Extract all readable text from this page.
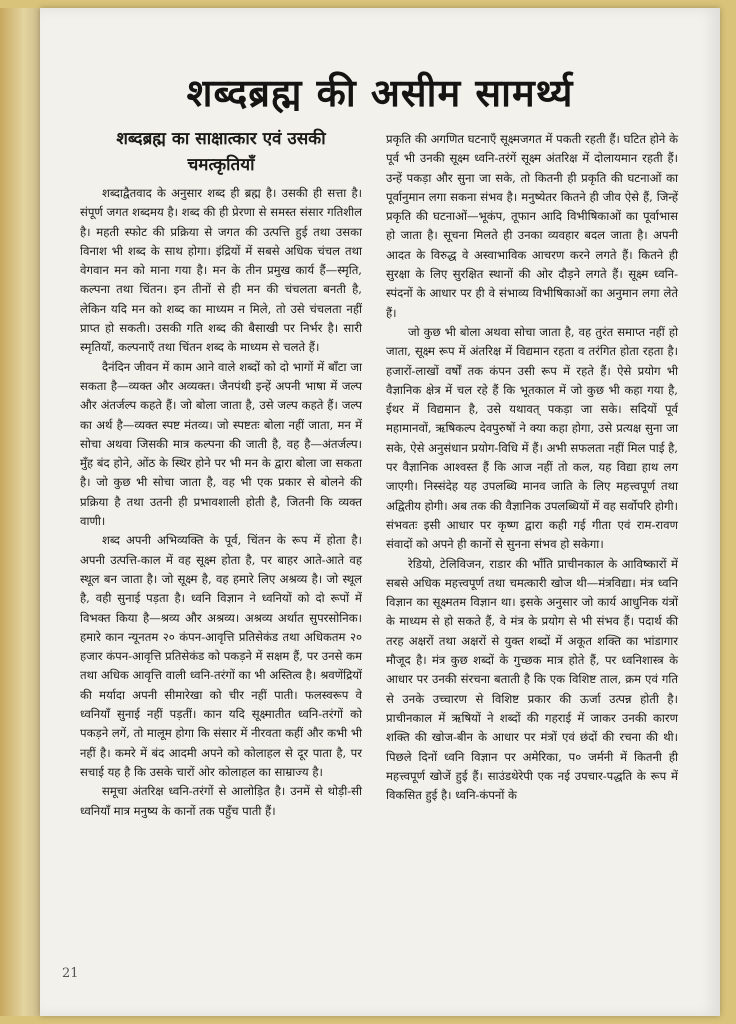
शब्दब्रह्म की असीम सामर्थ्य
शब्दब्रह्म का साक्षात्कार एवं उसकी चमत्कृतियाँ

शब्दाद्वैतवाद के अनुसार शब्द ही ब्रह्म है। उसकी ही सत्ता है। संपूर्ण जगत शब्दमय है। शब्द की ही प्रेरणा से समस्त संसार गतिशील है। महती स्फोट की प्रक्रिया से जगत की उत्पत्ति हुई तथा उसका विनाश भी शब्द के साथ होगा। इंद्रियों में सबसे अधिक चंचल तथा वेगवान मन को माना गया है। मन के तीन प्रमुख कार्य हैं—स्मृति, कल्पना तथा चिंतन। इन तीनों से ही मन की चंचलता बनती है, लेकिन यदि मन को शब्द का माध्यम न मिले, तो उसे चंचलता नहीं प्राप्त हो सकती। उसकी गति शब्द की बैसाखी पर निर्भर है। सारी स्मृतियाँ, कल्पनाएँ तथा चिंतन शब्द के माध्यम से चलते हैं।

दैनंदिन जीवन में काम आने वाले शब्दों को दो भागों में बाँटा जा सकता है—व्यक्त और अव्यक्त। जैनपंथी इन्हें अपनी भाषा में जल्प और अंतर्जल्प कहते हैं। जो बोला जाता है, उसे जल्प कहते हैं। जल्प का अर्थ है—व्यक्त स्पष्ट मंतव्य। जो स्पष्टतः बोला नहीं जाता, मन में सोचा अथवा जिसकी मात्र कल्पना की जाती है, वह है—अंतर्जल्प। मुँह बंद होने, ओंठ के स्थिर होने पर भी मन के द्वारा बोला जा सकता है। जो कुछ भी सोचा जाता है, वह भी एक प्रकार से बोलने की प्रक्रिया है तथा उतनी ही प्रभावशाली होती है, जितनी कि व्यक्त वाणी।

शब्द अपनी अभिव्यक्ति के पूर्व, चिंतन के रूप में होता है। अपनी उत्पत्ति-काल में वह सूक्ष्म होता है, पर बाहर आते-आते वह स्थूल बन जाता है। जो सूक्ष्म है, वह हमारे लिए अश्रव्य है। जो स्थूल है, वही सुनाई पड़ता है। ध्वनि विज्ञान ने ध्वनियों को दो रूपों में विभक्त किया है—श्रव्य और अश्रव्य। अश्रव्य अर्थात सुपरसोनिक। हमारे कान न्यूनतम २० कंपन-आवृत्ति प्रतिसेकंड तथा अधिकतम २० हजार कंपन-आवृत्ति प्रतिसेकंड को पकड़ने में सक्षम हैं, पर उनसे कम तथा अधिक आवृत्ति वाली ध्वनि-तरंगों का भी अस्तित्व है। श्रवणेंद्रियों की मर्यादा अपनी सीमारेखा को चीर नहीं पाती। फलस्वरूप वे ध्वनियाँ सुनाई नहीं पड़तीं। कान यदि सूक्ष्मातीत ध्वनि-तरंगों को पकड़ने लगें, तो मालूम होगा कि संसार में नीरवता कहीं और कभी भी नहीं है। कमरे में बंद आदमी अपने को कोलाहल से दूर पाता है, पर सचाई यह है कि उसके चारों ओर कोलाहल का साम्राज्य है।

समूचा अंतरिक्ष ध्वनि-तरंगों से आलोड़ित है। उनमें से थोड़ी-सी ध्वनियाँ मात्र मनुष्य के कानों तक पहुँच पाती हैं।

प्रकृति की अगणित घटनाएँ सूक्ष्मजगत में पकती रहती हैं। घटित होने के पूर्व भी उनकी सूक्ष्म ध्वनि-तरंगें सूक्ष्म अंतरिक्ष में दोलायमान रहती हैं। उन्हें पकड़ा और सुना जा सके, तो कितनी ही प्रकृति की घटनाओं का पूर्वानुमान लगा सकना संभव है। मनुष्येतर कितने ही जीव ऐसे हैं, जिन्हें प्रकृति की घटनाओं—भूकंप, तूफान आदि विभीषिकाओं का पूर्वाभास हो जाता है। सूचना मिलते ही उनका व्यवहार बदल जाता है। अपनी आदत के विरुद्ध वे अस्वाभाविक आचरण करने लगते हैं। कितने ही सुरक्षा के लिए सुरक्षित स्थानों की ओर दौड़ने लगते हैं। सूक्ष्म ध्वनि-स्पंदनों के आधार पर ही वे संभाव्य विभीषिकाओं का अनुमान लगा लेते हैं।

जो कुछ भी बोला अथवा सोचा जाता है, वह तुरंत समाप्त नहीं हो जाता, सूक्ष्म रूप में अंतरिक्ष में विद्यमान रहता व तरंगित होता रहता है। हजारों-लाखों वर्षों तक कंपन उसी रूप में रहते हैं। ऐसे प्रयोग भी वैज्ञानिक क्षेत्र में चल रहे हैं कि भूतकाल में जो कुछ भी कहा गया है, ईथर में विद्यमान है, उसे यथावत् पकड़ा जा सके। सदियों पूर्व महामानवों, ऋषिकल्प देवपुरुषों ने क्या कहा होगा, उसे प्रत्यक्ष सुना जा सके, ऐसे अनुसंधान प्रयोग-विधि में हैं। अभी सफलता नहीं मिल पाई है, पर वैज्ञानिक आश्वस्त हैं कि आज नहीं तो कल, यह विद्या हाथ लग जाएगी। निस्संदेह यह उपलब्धि मानव जाति के लिए महत्त्वपूर्ण तथा अद्वितीय होगी। अब तक की वैज्ञानिक उपलब्धियों में वह सर्वोपरि होगी। संभवतः इसी आधार पर कृष्ण द्वारा कही गई गीता एवं राम-रावण संवादों को अपने ही कानों से सुनना संभव हो सकेगा।

रेडियो, टेलिविजन, राडार की भाँति प्राचीनकाल के आविष्कारों में सबसे अधिक महत्त्वपूर्ण तथा चमत्कारी खोज थी—मंत्रविद्या। मंत्र ध्वनि विज्ञान का सूक्ष्मतम विज्ञान था। इसके अनुसार जो कार्य आधुनिक यंत्रों के माध्यम से हो सकते हैं, वे मंत्र के प्रयोग से भी संभव हैं। पदार्थ की तरह अक्षरों तथा अक्षरों से युक्त शब्दों में अकूत शक्ति का भांडागार मौजूद है। मंत्र कुछ शब्दों के गुच्छक मात्र होते हैं, पर ध्वनिशास्त्र के आधार पर उनकी संरचना बताती है कि एक विशिष्ट ताल, क्रम एवं गति से उनके उच्चारण से विशिष्ट प्रकार की ऊर्जा उत्पन्न होती है। प्राचीनकाल में ऋषियों ने शब्दों की गहराई में जाकर उनकी कारण शक्ति की खोज-बीन के आधार पर मंत्रों एवं छंदों की रचना की थी। पिछले दिनों ध्वनि विज्ञान पर अमेरिका, प० जर्मनी में कितनी ही महत्त्वपूर्ण खोजें हुई हैं। साउंडथेरेपी एक नई उपचार-पद्धति के रूप में विकसित हुई है। ध्वनि-कंपनों के

21
